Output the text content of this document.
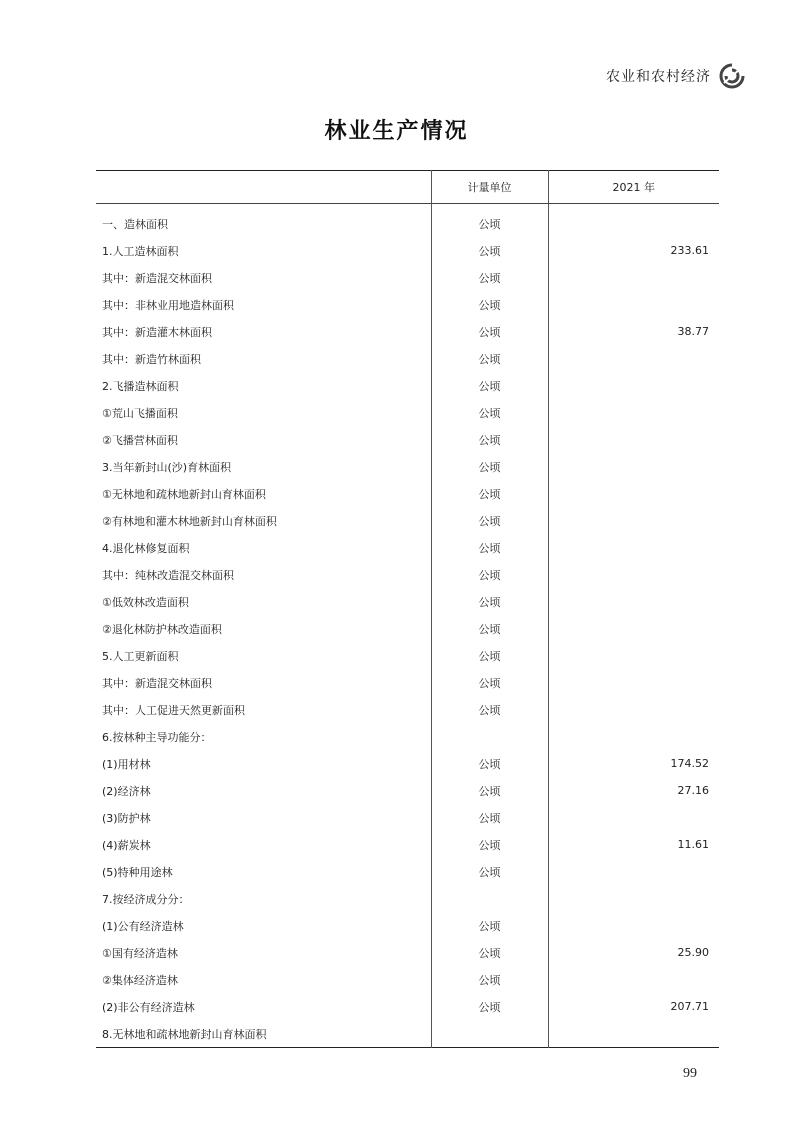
农业和农村经济
林业生产情况
	计量单位	2021 年
一、造林面积	公顷	
1.人工造林面积	公顷	233.61
其中：新造混交林面积	公顷	
其中：非林业用地造林面积	公顷	
其中：新造灌木林面积	公顷	38.77
其中：新造竹林面积	公顷	
2.飞播造林面积	公顷	
①荒山飞播面积	公顷	
②飞播营林面积	公顷	
3.当年新封山(沙)育林面积	公顷	
①无林地和疏林地新封山育林面积	公顷	
②有林地和灌木林地新封山育林面积	公顷	
4.退化林修复面积	公顷	
其中：纯林改造混交林面积	公顷	
①低效林改造面积	公顷	
②退化林防护林改造面积	公顷	
5.人工更新面积	公顷	
其中：新造混交林面积	公顷	
其中：人工促进天然更新面积	公顷	
6.按林种主导功能分：		
(1)用材林	公顷	174.52
(2)经济林	公顷	27.16
(3)防护林	公顷	
(4)薪炭林	公顷	11.61
(5)特种用途林	公顷	
7.按经济成分分：		
(1)公有经济造林	公顷	
①国有经济造林	公顷	25.90
②集体经济造林	公顷	
(2)非公有经济造林	公顷	207.71
8.无林地和疏林地新封山育林面积		
99
